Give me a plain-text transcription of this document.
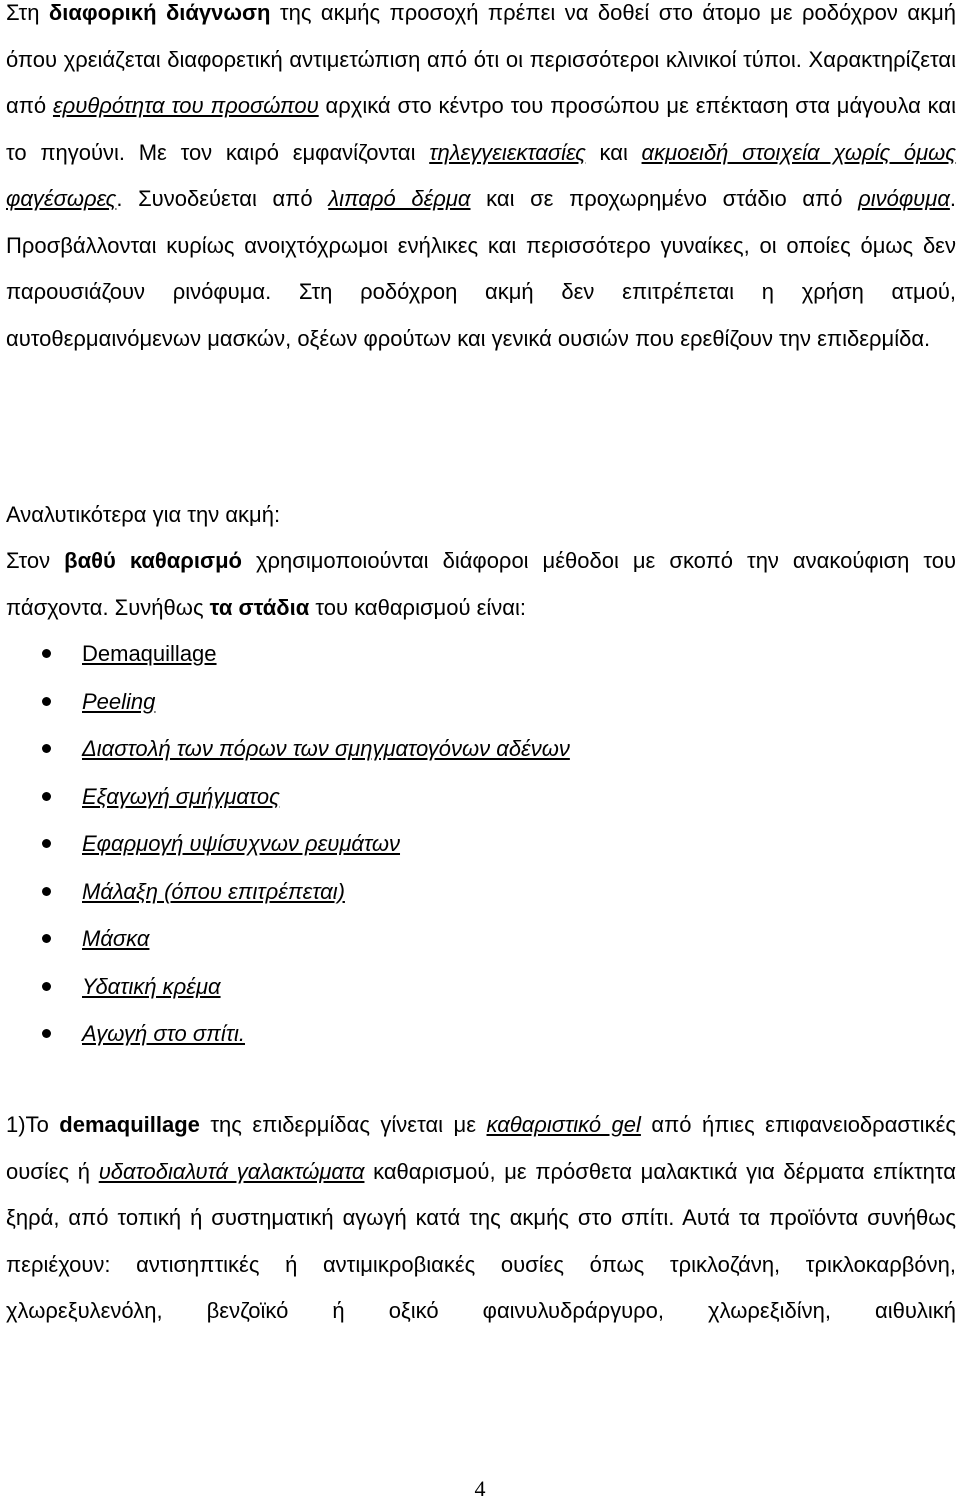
Στη διαφορική διάγνωση της ακμής προσοχή πρέπει να δοθεί στο άτομο με ροδόχρον ακμή όπου χρειάζεται διαφορετική αντιμετώπιση από ότι οι περισσότεροι κλινικοί τύποι. Χαρακτηρίζεται από ερυθρότητα του προσώπου αρχικά στο κέντρο του προσώπου με επέκταση στα μάγουλα και το πηγούνι. Με τον καιρό εμφανίζονται τηλεγγειεκτασίες και ακμοειδή στοιχεία χωρίς όμως φαγέσωρες. Συνοδεύεται από λιπαρό δέρμα και σε προχωρημένο στάδιο από ρινόφυμα. Προσβάλλονται κυρίως ανοιχτόχρωμοι ενήλικες και περισσότερο γυναίκες, οι οποίες όμως δεν παρουσιάζουν ρινόφυμα. Στη ροδόχροη ακμή δεν επιτρέπεται η χρήση ατμού, αυτοθερμαινόμενων μασκών, οξέων φρούτων και γενικά ουσιών που ερεθίζουν την επιδερμίδα.

Αναλυτικότερα για την ακμή:

Στον βαθύ καθαρισμό χρησιμοποιούνται διάφοροι μέθοδοι με σκοπό την ανακούφιση του πάσχοντα. Συνήθως τα στάδια του καθαρισμού είναι:

Demaquillage
Peeling
Διαστολή των πόρων των σμηγματογόνων αδένων
Εξαγωγή σμήγματος
Εφαρμογή υψίσυχνων ρευμάτων
Μάλαξη (όπου επιτρέπεται)
Μάσκα
Υδατική κρέμα
Αγωγή στο σπίτι.

1)Το demaquillage της επιδερμίδας γίνεται με καθαριστικό gel από ήπιες επιφανειοδραστικές ουσίες ή υδατοδιαλυτά γαλακτώματα καθαρισμού, με πρόσθετα μαλακτικά για δέρματα επίκτητα ξηρά, από τοπική ή συστηματική αγωγή κατά της ακμής στο σπίτι. Αυτά τα προϊόντα συνήθως περιέχουν: αντισηπτικές ή αντιμικροβιακές ουσίες όπως τρικλοζάνη, τρικλοκαρβόνη, χλωρεξυλενόλη, βενζοϊκό ή οξικό φαινυλυδράργυρο, χλωρεξιδίνη, αιθυλική

4
